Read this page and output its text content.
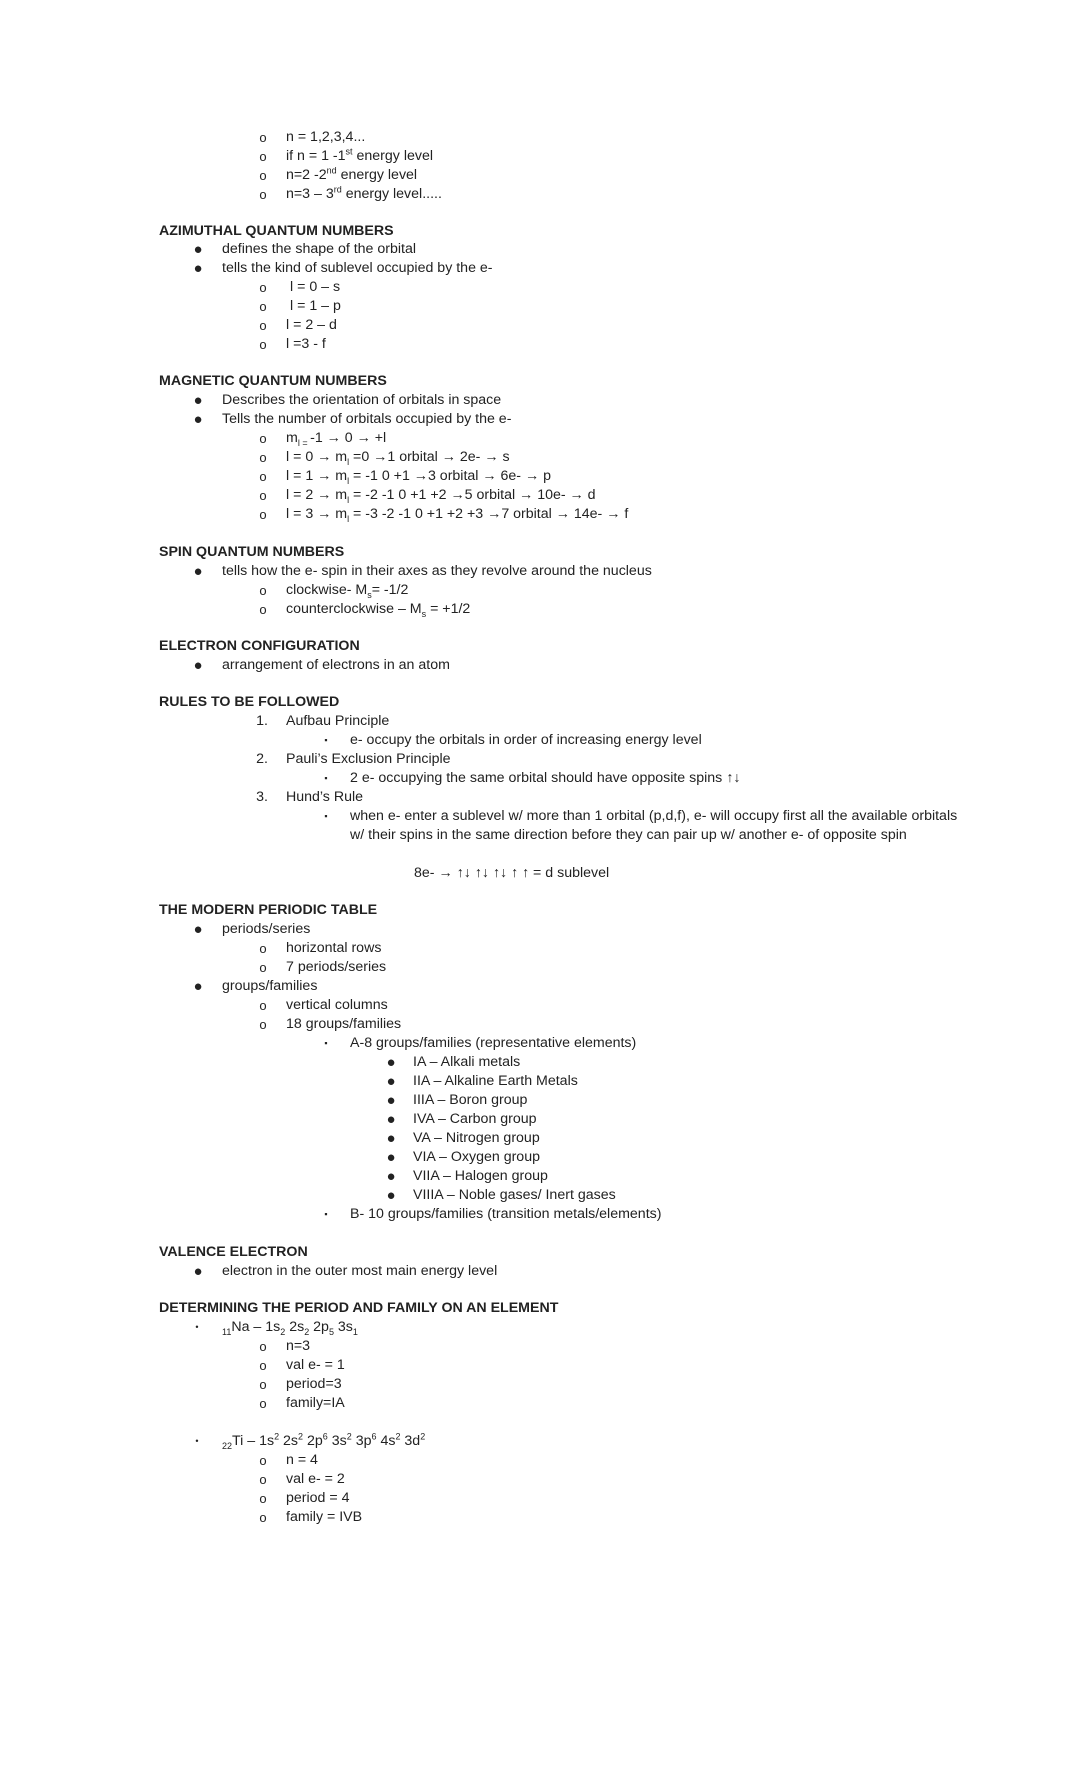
o	n = 1,2,3,4...
o	if n = 1 -1st energy level
o	n=2 -2nd energy level
o	n=3 – 3rd energy level.....
AZIMUTHAL QUANTUM NUMBERS
●	defines the shape of the orbital
●	tells the kind of sublevel occupied by the e-
o	l = 0 – s
o	l = 1 – p
o	l = 2 – d
o	l =3 - f
MAGNETIC QUANTUM NUMBERS
●	Describes the orientation of orbitals in space
●	Tells the number of orbitals occupied by the e-
o	$m_{l =}$ -1 → 0 → +l
o	$l = 0 \to m_l =0 \to 1$ orbital → 2e- → s
o	$l = 1 \to m_l = -1$ 0 +1 →3 orbital → 6e- → p
o	$l = 2 \to m_l = -2$ -1 0 +1 +2 →5 orbital → 10e- → d
o	$l = 3 \to m_l = -3$ -2 -1 0 +1 +2 +3 →7 orbital → 14e- → f
SPIN QUANTUM NUMBERS
●	tells how the e- spin in their axes as they revolve around the nucleus
o	clockwise- $M_s= -1/2$
o	counterclockwise – $M_s = +1/2$
ELECTRON CONFIGURATION
●	arrangement of electrons in an atom
RULES TO BE FOLLOWED
1. Aufbau Principle
▪	e- occupy the orbitals in order of increasing energy level
2. Pauli’s Exclusion Principle
▪	2 e- occupying the same orbital should have opposite spins ↑↓
3. Hund’s Rule
▪	when e- enter a sublevel w/ more than 1 orbital (p,d,f), e- will occupy first all the available orbitals
w/ their spins in the same direction before they can pair up w/ another e- of opposite spin
8e- → ↑↓ ↑↓ ↑↓ ↑ ↑ = d sublevel
THE MODERN PERIODIC TABLE
●	periods/series
o	horizontal rows
o	7 periods/series
●	groups/families
o	vertical columns
o	18 groups/families
▪	A-8 groups/families (representative elements)
●	IA – Alkali metals
●	IIA – Alkaline Earth Metals
●	IIIA – Boron group
●	IVA – Carbon group
●	VA – Nitrogen group
●	VIA – Oxygen group
●	VIIA – Halogen group
●	VIIIA – Noble gases/ Inert gases
▪	B- 10 groups/families (transition metals/elements)
VALENCE ELECTRON
●	electron in the outer most main energy level
DETERMINING THE PERIOD AND FAMILY ON AN ELEMENT
•	$_{11}Na - 1s_2$ $2s_2$ $2p_5$ $3s_1$
o	n=3
o	val e- = 1
o	period=3
o	family=IA
•	$_{22}Ti - 1s^2$ $2s^2$ $2p^6$ $3s^2$ $3p^6$ $4s^2$ $3d^2$
o	n = 4
o	val e- = 2
o	period = 4
o	family = IVB
